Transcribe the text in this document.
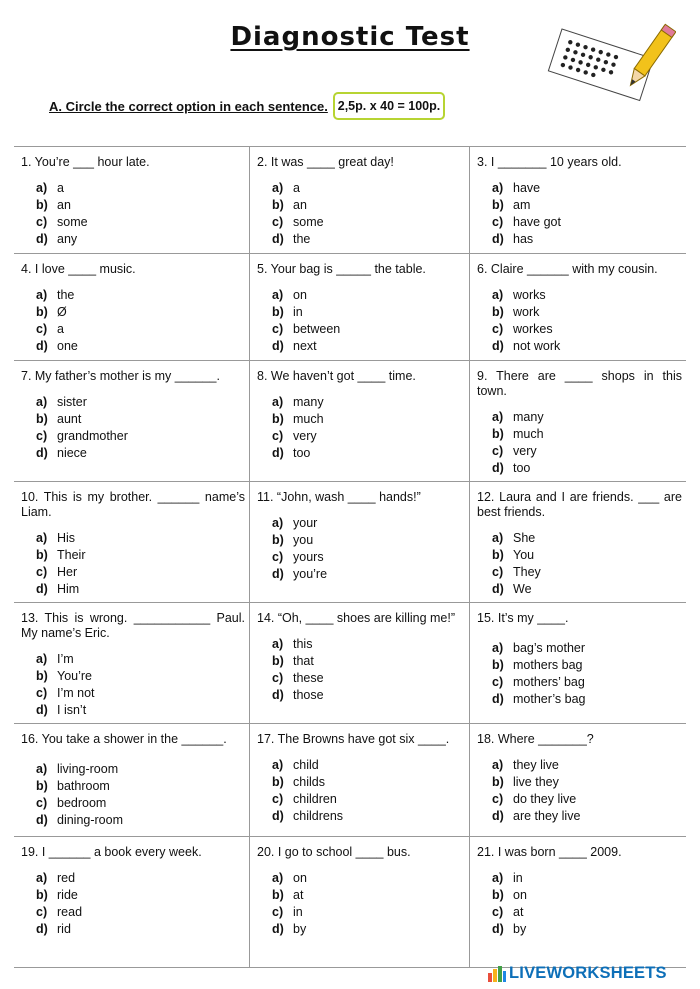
Diagnostic Test
A. Circle the correct option in each sentence. 2,5p. x 40 = 100p.
1. You’re ___ hour late.
a) a
b) an
c) some
d) any
2. It was ____ great day!
a) a
b) an
c) some
d) the
3. I _______ 10 years old.
a) have
b) am
c) have got
d) has
4. I love ____ music.
a) the
b) Ø
c) a
d) one
5. Your bag is _____ the table.
a) on
b) in
c) between
d) next
6. Claire ______ with my cousin.
a) works
b) work
c) workes
d) not work
7. My father’s mother is my ______.
a) sister
b) aunt
c) grandmother
d) niece
8. We haven’t got ____ time.
a) many
b) much
c) very
d) too
9. There are ____ shops in this town.
a) many
b) much
c) very
d) too
10. This is my brother. ______ name’s Liam.
a) His
b) Their
c) Her
d) Him
11. “John, wash ____ hands!”
a) your
b) you
c) yours
d) you’re
12. Laura and I are friends. ___ are best friends.
a) She
b) You
c) They
d) We
13. This is wrong. ___________ Paul. My name’s Eric.
a) I’m
b) You’re
c) I’m not
d) I isn’t
14. “Oh, ____ shoes are killing me!”
a) this
b) that
c) these
d) those
15. It’s my ____.
a) bag’s mother
b) mothers bag
c) mothers’ bag
d) mother’s bag
16. You take a shower in the ______.
a) living-room
b) bathroom
c) bedroom
d) dining-room
17. The Browns have got six ____.
a) child
b) childs
c) children
d) childrens
18. Where _______?
a) they live
b) live they
c) do they live
d) are they live
19. I ______ a book every week.
a) red
b) ride
c) read
d) rid
20. I go to school ____ bus.
a) on
b) at
c) in
d) by
21. I was born ____ 2009.
a) in
b) on
c) at
d) by
LIVEWORKSHEETS
